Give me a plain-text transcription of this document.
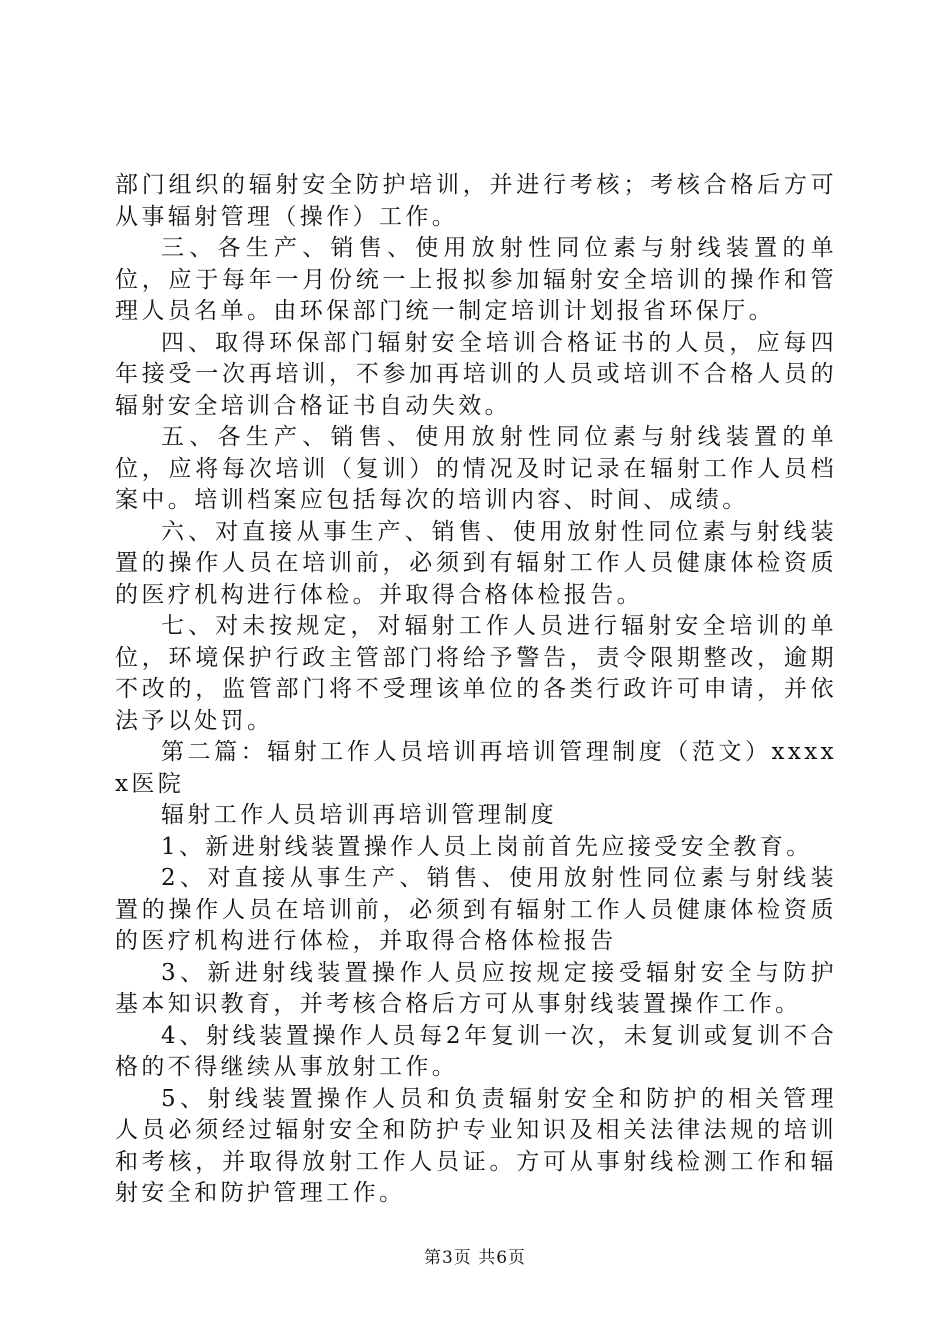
部门组织的辐射安全防护培训，并进行考核；考核合格后方可从事辐射管理（操作）工作。

三、各生产、销售、使用放射性同位素与射线装置的单位，应于每年一月份统一上报拟参加辐射安全培训的操作和管理人员名单。由环保部门统一制定培训计划报省环保厅。

四、取得环保部门辐射安全培训合格证书的人员，应每四年接受一次再培训，不参加再培训的人员或培训不合格人员的辐射安全培训合格证书自动失效。

五、各生产、销售、使用放射性同位素与射线装置的单位，应将每次培训（复训）的情况及时记录在辐射工作人员档案中。培训档案应包括每次的培训内容、时间、成绩。

六、对直接从事生产、销售、使用放射性同位素与射线装置的操作人员在培训前，必须到有辐射工作人员健康体检资质的医疗机构进行体检。并取得合格体检报告。

七、对未按规定，对辐射工作人员进行辐射安全培训的单位，环境保护行政主管部门将给予警告，责令限期整改，逾期不改的，监管部门将不受理该单位的各类行政许可申请，并依法予以处罚。

第二篇：辐射工作人员培训再培训管理制度（范文）xxxxx医院

辐射工作人员培训再培训管理制度

1、新进射线装置操作人员上岗前首先应接受安全教育。

2、对直接从事生产、销售、使用放射性同位素与射线装置的操作人员在培训前，必须到有辐射工作人员健康体检资质的医疗机构进行体检，并取得合格体检报告

3、新进射线装置操作人员应按规定接受辐射安全与防护基本知识教育，并考核合格后方可从事射线装置操作工作。

4、射线装置操作人员每2年复训一次，未复训或复训不合格的不得继续从事放射工作。

5、射线装置操作人员和负责辐射安全和防护的相关管理人员必须经过辐射安全和防护专业知识及相关法律法规的培训和考核，并取得放射工作人员证。方可从事射线检测工作和辐射安全和防护管理工作。

第3页 共6页
